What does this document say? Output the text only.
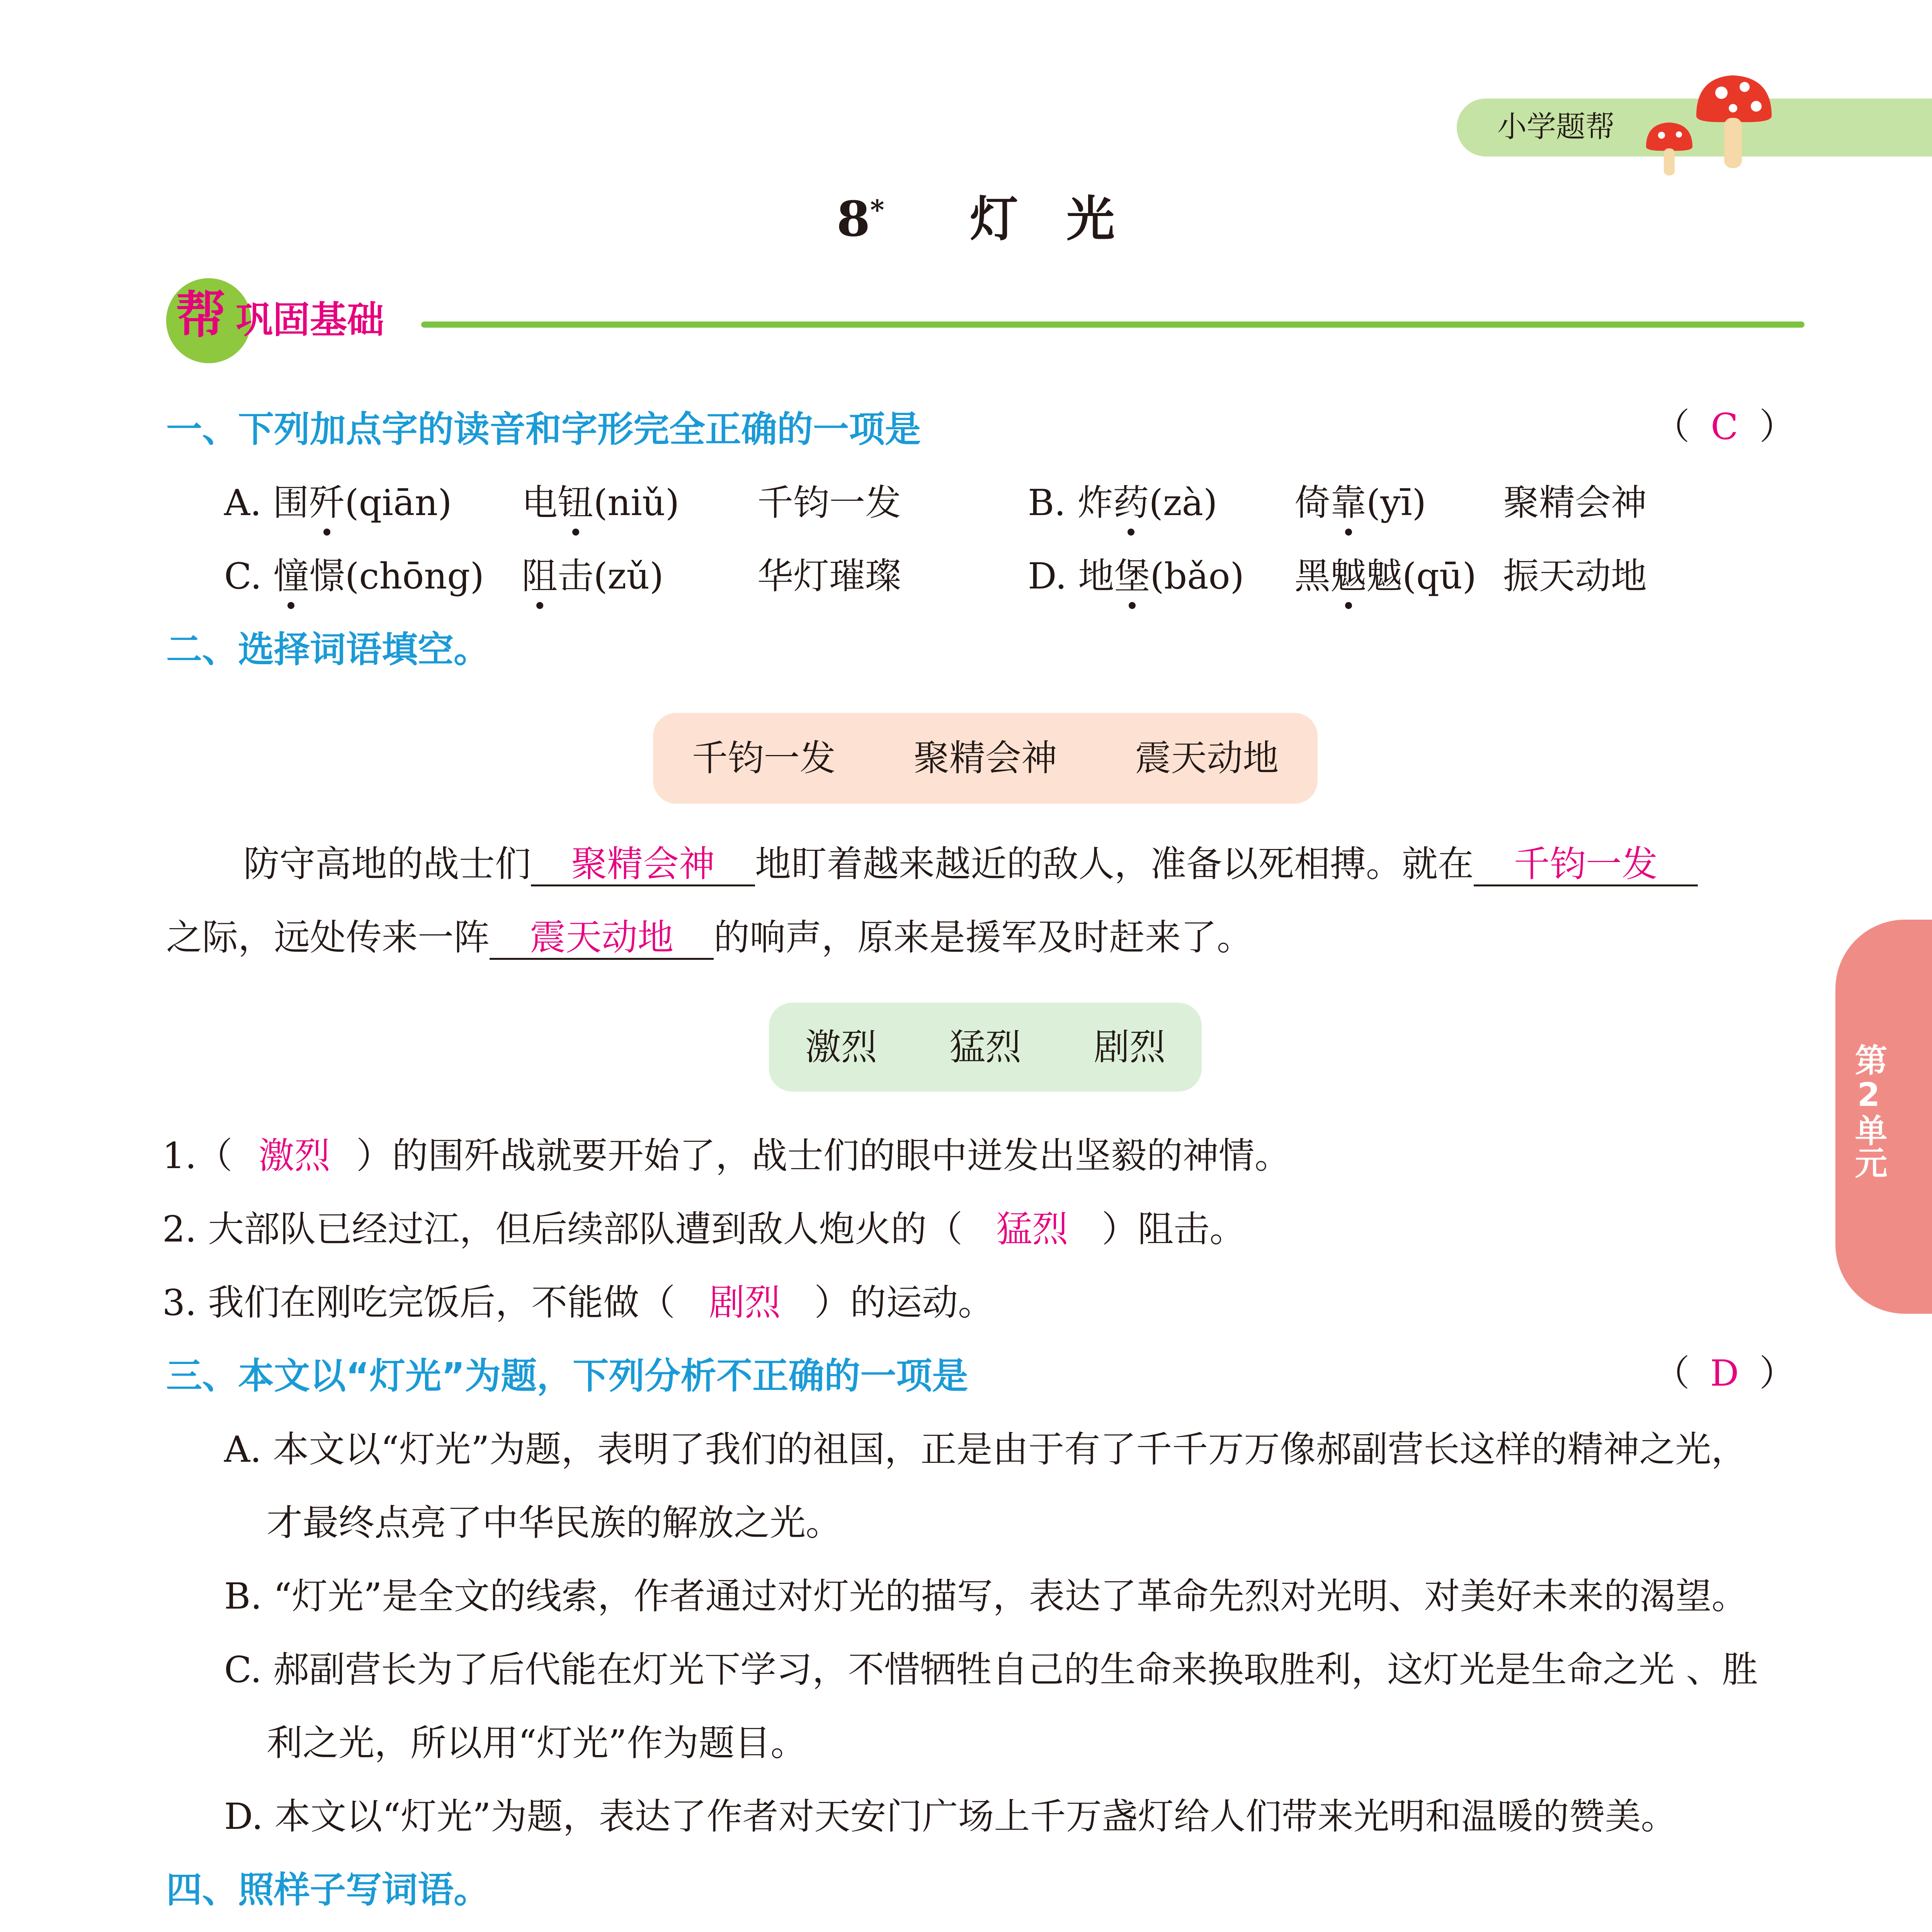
小学题帮
8* 灯　光
帮 巩固基础
第2单元
一、下列加点字的读音和字形完全正确的一项是	（ C ）
A. 围歼(qiān) 电钮(niǔ) 千钧一发	B. 炸药(zà) 倚靠(yī) 聚精会神
C. 憧憬(chōng) 阻击(zǔ)	华灯璀璨	D. 地堡(bǎo) 黑魆魆(qū) 振天动地
二、选择词语填空。
千钧一发 聚精会神 震天动地
防守高地的战士们 聚精会神 地盯着越来越近的敌人，准备以死相搏。就在 千钧一发
之际，远处传来一阵 震天动地 的响声，原来是援军及时赶来了。
激烈 猛烈 剧烈
1.（ 激烈 ）的围歼战就要开始了，战士们的眼中迸发出坚毅的神情。
2. 大部队已经过江，但后续部队遭到敌人炮火的（ 猛烈 ）阻击。
3. 我们在刚吃完饭后，不能做（ 剧烈 ）的运动。
三、本文以“灯光”为题，下列分析不正确的一项是	（ D ）
A. 本文以“灯光”为题，表明了我们的祖国，正是由于有了千千万万像郝副营长这样的精神之光，
才最终点亮了中华民族的解放之光。
B. “灯光”是全文的线索，作者通过对灯光的描写，表达了革命先烈对光明、对美好未来的渴望。
C. 郝副营长为了后代能在灯光下学习，不惜牺牲自己的生命来换取胜利，这灯光是生命之光 、胜
利之光，所以用“灯光”作为题目。
D. 本文以“灯光”为题，表达了作者对天安门广场上千万盏灯给人们带来光明和温暖的赞美。
四、照样子写词语。
